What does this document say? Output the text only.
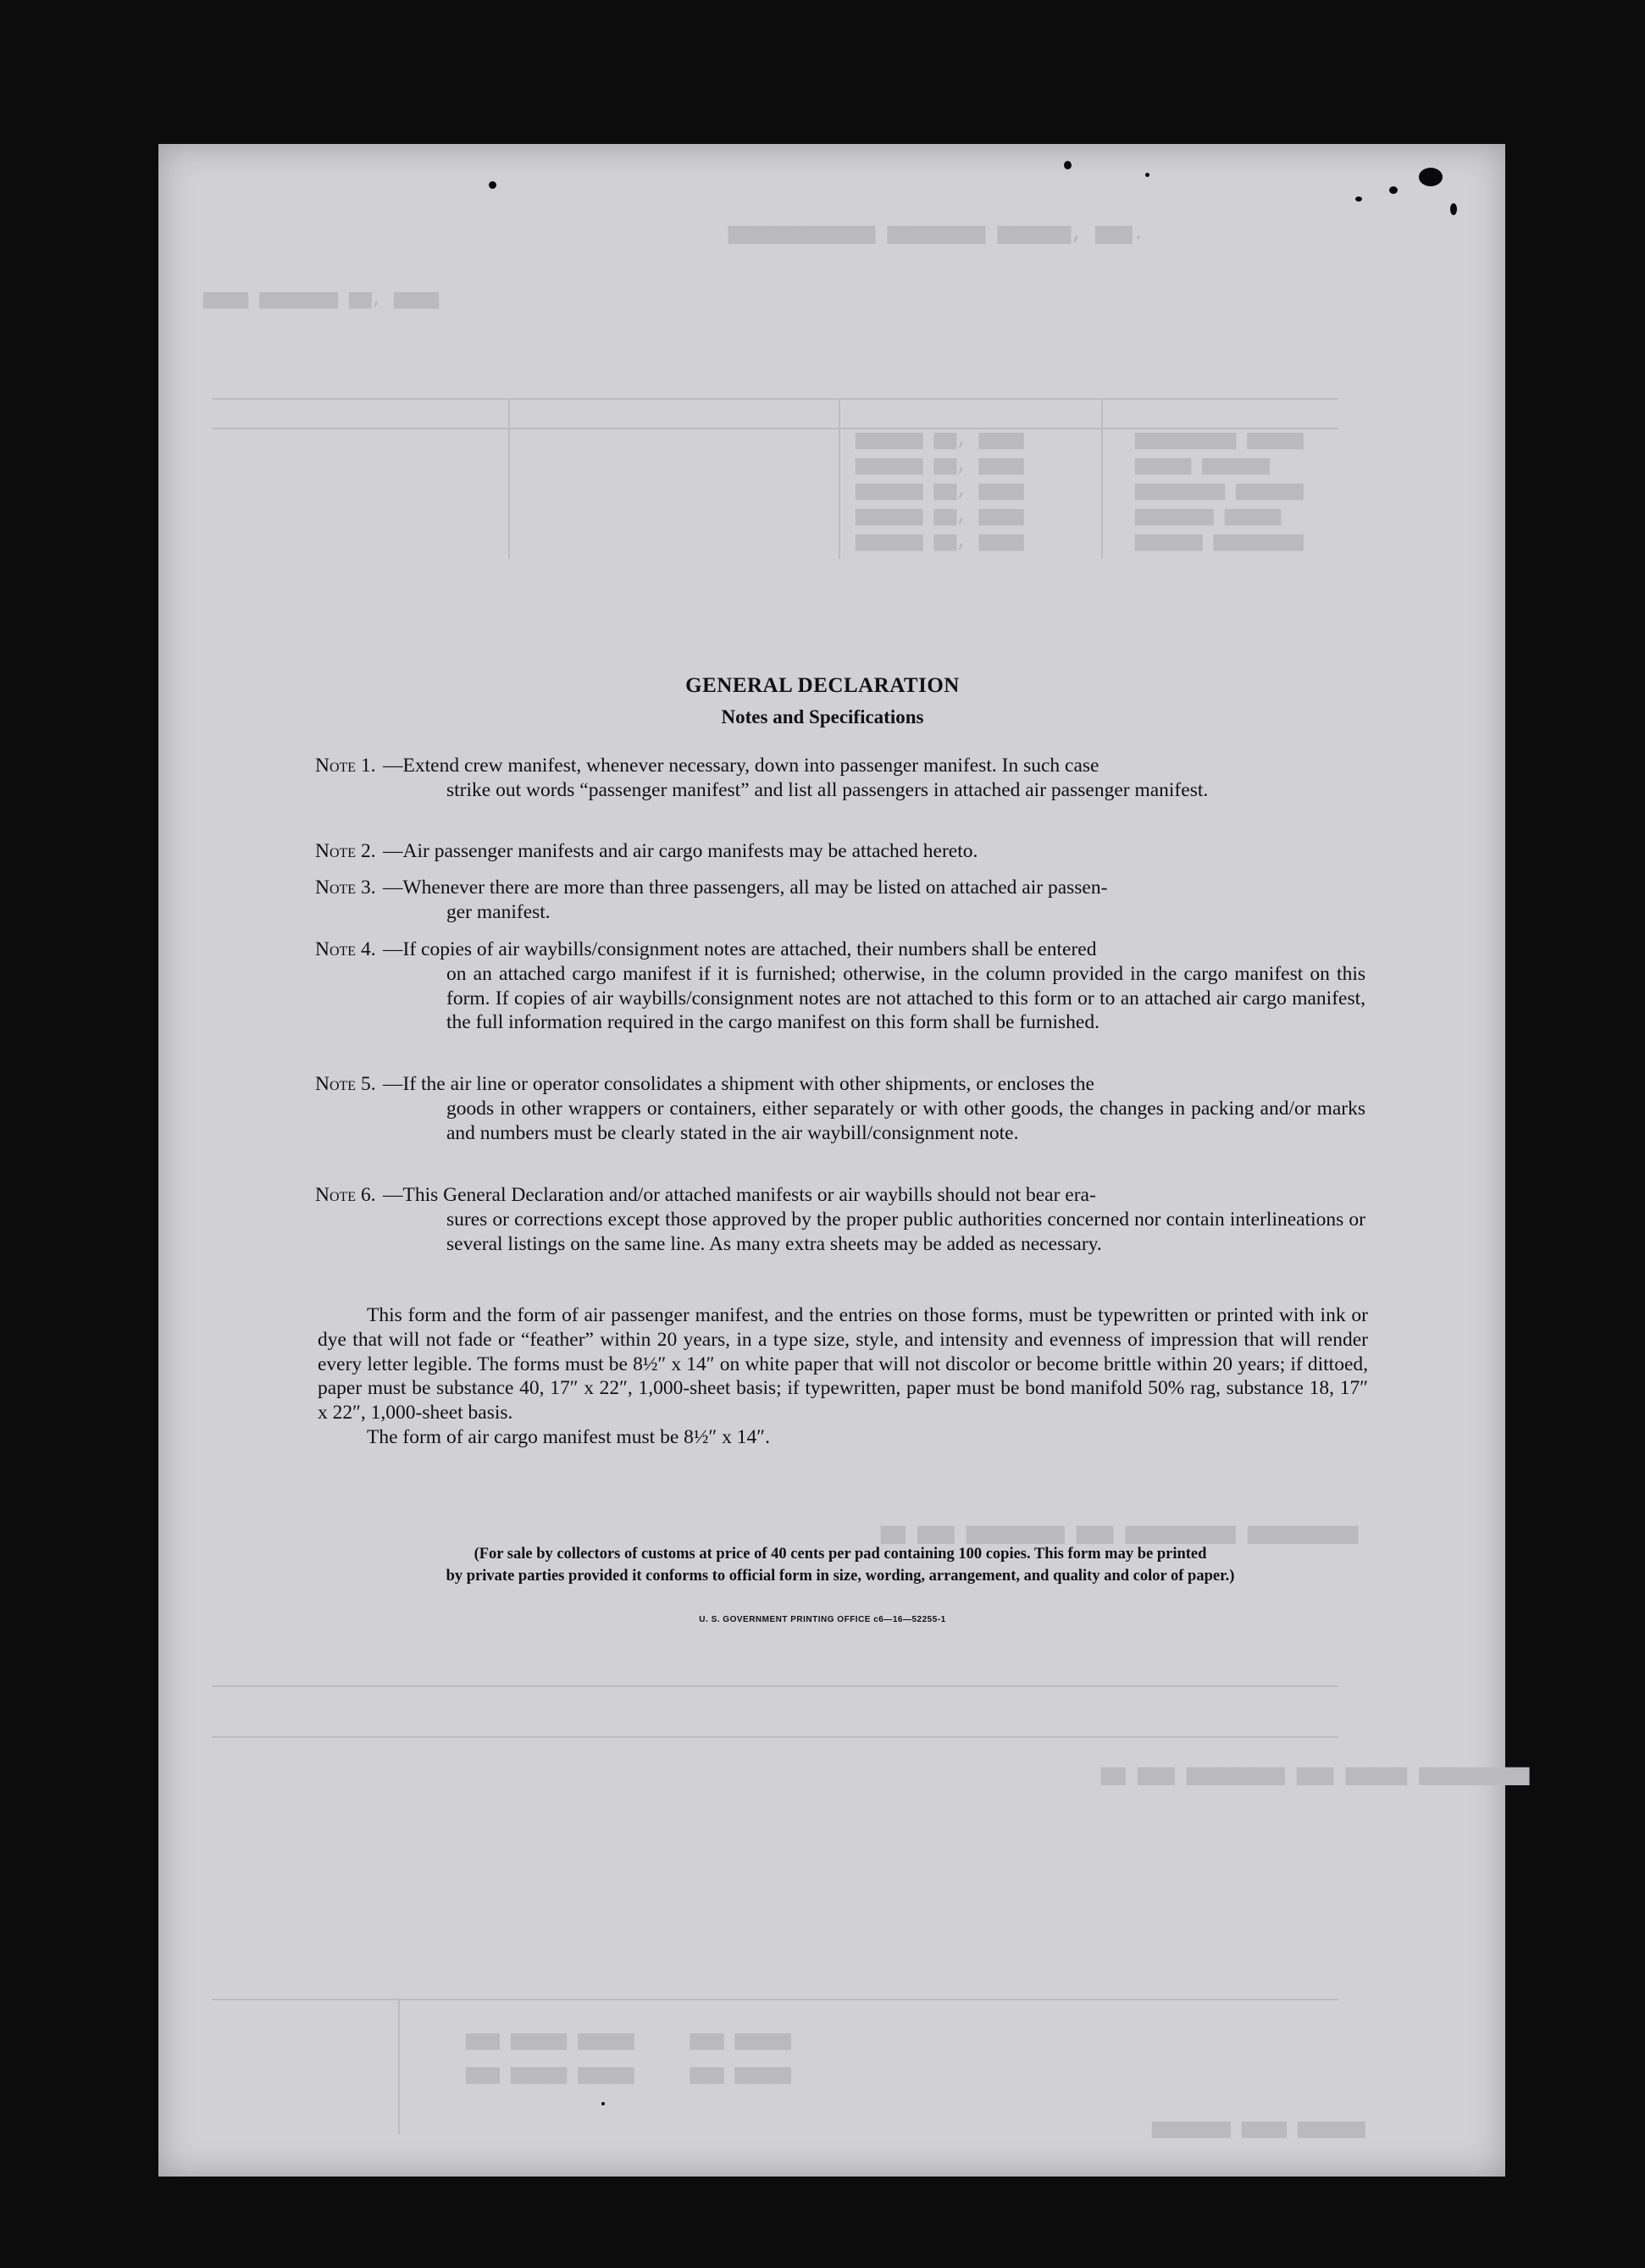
▆▆▆▆▆▆ ▆▆, ▆▆▆▆
▆▆▆▆▆▆ ▆▆, ▆▆▆▆
▆▆▆▆▆▆ ▆▆, ▆▆▆▆
▆▆▆▆▆▆ ▆▆, ▆▆▆▆
▆▆▆▆▆▆ ▆▆, ▆▆▆▆
▆▆▆▆▆▆▆▆▆ ▆▆▆▆▆
▆▆▆▆▆ ▆▆▆▆▆▆
▆▆▆▆▆▆▆▆ ▆▆▆▆▆▆
▆▆▆▆▆▆▆ ▆▆▆▆▆
▆▆▆▆▆▆ ▆▆▆▆▆▆▆▆
▆▆▆▆ ▆▆▆▆▆▆▆ ▆▆, ▆▆▆▆
▆▆▆▆▆▆▆▆▆▆▆▆ ▆▆▆▆▆▆▆▆ ▆▆▆▆▆▆, ▆▆▆.
▆▆ ▆▆▆ ▆▆▆▆▆▆▆▆ ▆▆▆ ▆▆▆▆▆ ▆▆▆▆▆▆▆▆▆
▆▆ ▆▆▆ ▆▆▆▆▆▆▆▆ ▆▆▆ ▆▆▆▆▆▆▆▆▆ ▆▆▆▆▆▆▆▆▆
▆▆▆ ▆▆▆▆▆ ▆▆▆▆▆     ▆▆▆ ▆▆▆▆▆
▆▆▆ ▆▆▆▆▆ ▆▆▆▆▆     ▆▆▆ ▆▆▆▆▆
▆▆▆▆▆▆▆ ▆▆▆▆ ▆▆▆▆▆▆
GENERAL DECLARATION
Notes and Specifications
Note 1. —Extend crew manifest, whenever necessary, down into passenger manifest. In such case
strike out words “passenger manifest” and list all passengers in attached air passenger manifest.
Note 2. —Air passenger manifests and air cargo manifests may be attached hereto.
Note 3. —Whenever there are more than three passengers, all may be listed on attached air passen-
ger manifest.
Note 4. —If copies of air waybills/consignment notes are attached, their numbers shall be entered
on an attached cargo manifest if it is furnished; otherwise, in the column provided in the cargo manifest on this form. If copies of air waybills/consignment notes are not attached to this form or to an attached air cargo manifest, the full information required in the cargo manifest on this form shall be furnished.
Note 5. —If the air line or operator consolidates a shipment with other shipments, or encloses the
goods in other wrappers or containers, either separately or with other goods, the changes in packing and/or marks and numbers must be clearly stated in the air waybill/consignment note.
Note 6. —This General Declaration and/or attached manifests or air waybills should not bear era-
sures or corrections except those approved by the proper public authorities concerned nor contain interlineations or several listings on the same line. As many extra sheets may be added as necessary.

This form and the form of air passenger manifest, and the entries on those forms, must be typewritten or printed with ink or dye that will not fade or “feather” within 20 years, in a type size, style, and intensity and evenness of impression that will render every letter legible. The forms must be 8½″ x 14″ on white paper that will not discolor or become brittle within 20 years; if dittoed, paper must be substance 40, 17″ x 22″, 1,000-sheet basis; if typewritten, paper must be bond manifold 50% rag, substance 18, 17″ x 22″, 1,000-sheet basis.

The form of air cargo manifest must be 8½″ x 14″.

(For sale by collectors of customs at price of 40 cents per pad containing 100 copies. This form may be printed
by private parties provided it conforms to official form in size, wording, arrangement, and quality and color of paper.)
U. S. GOVERNMENT PRINTING OFFICE c6—16—52255-1
